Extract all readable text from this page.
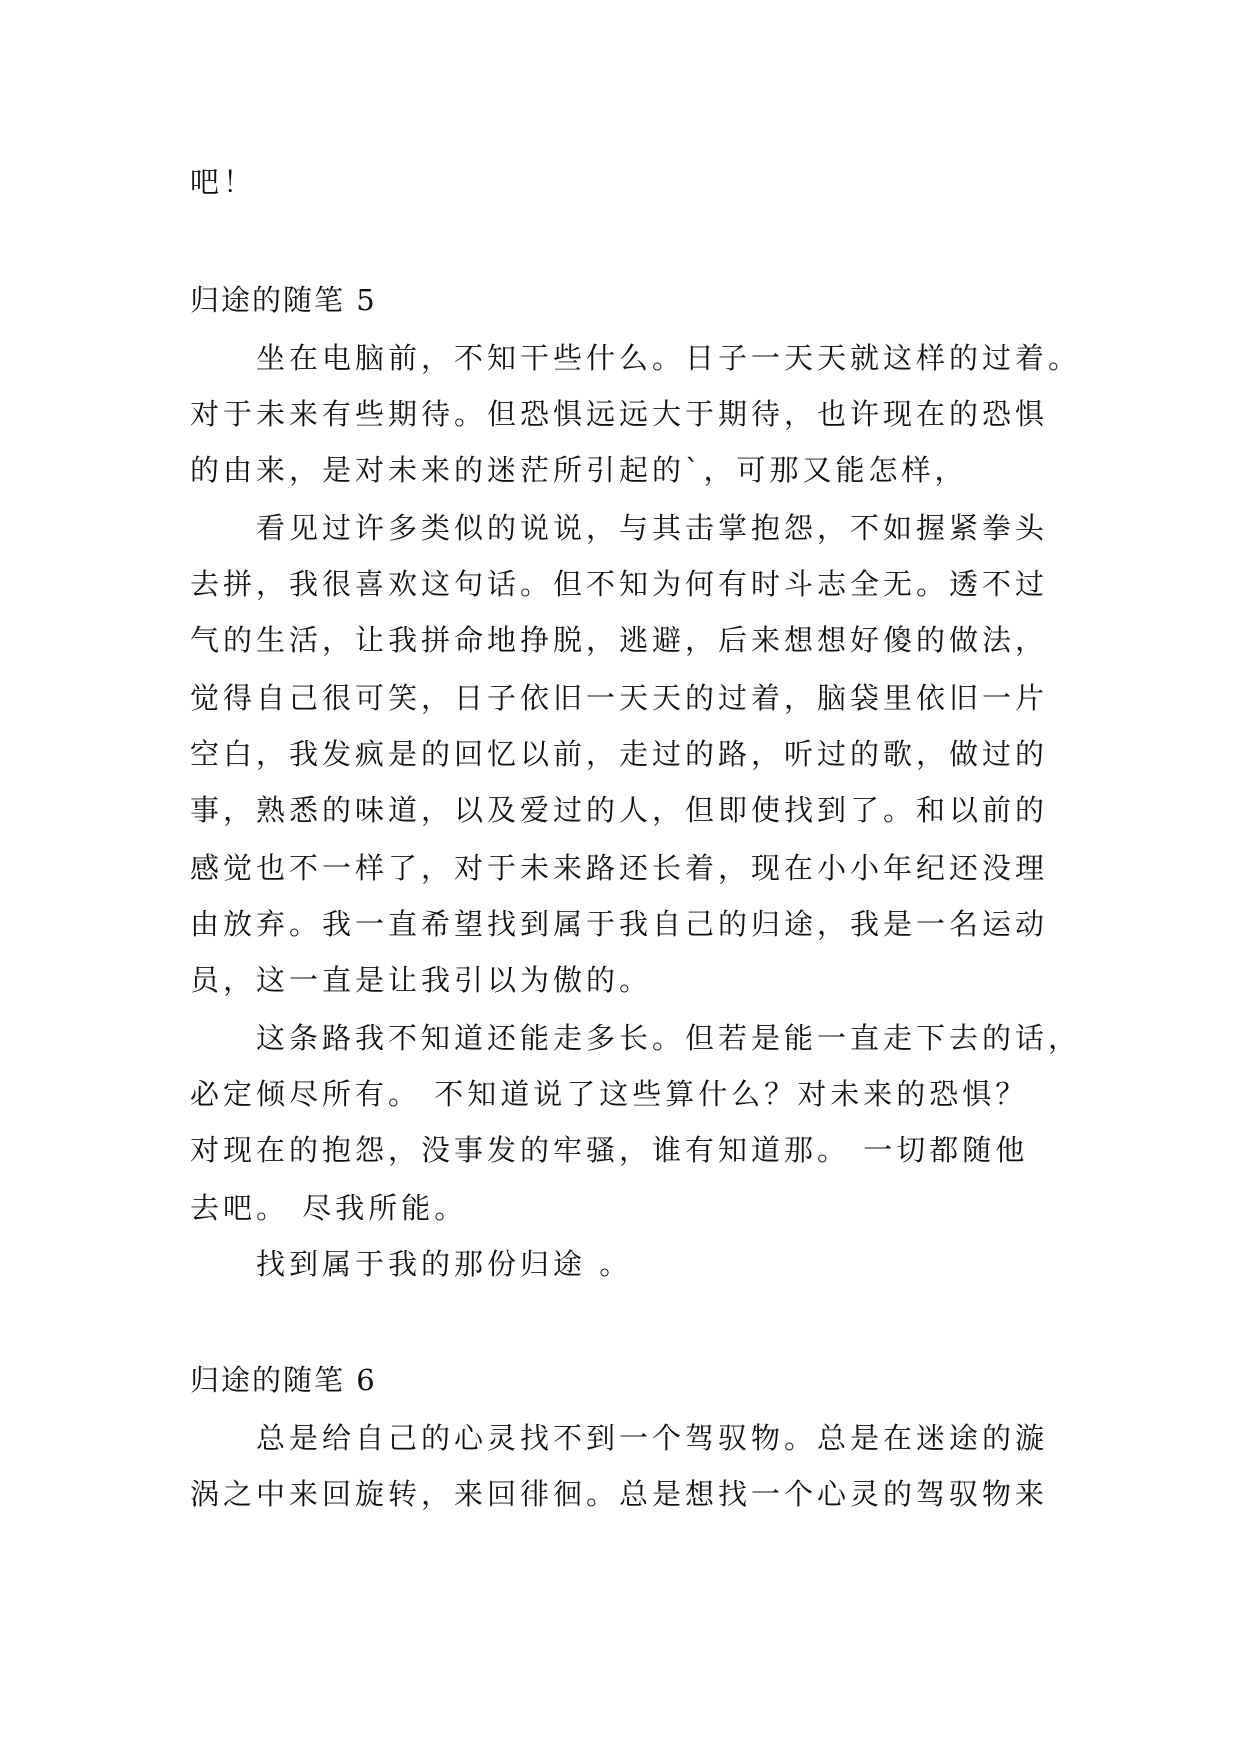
吧！
归途的随笔 5
坐在电脑前，不知干些什么。日子一天天就这样的过着。
对于未来有些期待。但恐惧远远大于期待，也许现在的恐惧
的由来，是对未来的迷茫所引起的`，可那又能怎样，
看见过许多类似的说说，与其击掌抱怨，不如握紧拳头
去拼，我很喜欢这句话。但不知为何有时斗志全无。透不过
气的生活，让我拼命地挣脱，逃避，后来想想好傻的做法，
觉得自己很可笑，日子依旧一天天的过着，脑袋里依旧一片
空白，我发疯是的回忆以前，走过的路，听过的歌，做过的
事，熟悉的味道，以及爱过的人，但即使找到了。和以前的
感觉也不一样了，对于未来路还长着，现在小小年纪还没理
由放弃。我一直希望找到属于我自己的归途，我是一名运动
员，这一直是让我引以为傲的。
这条路我不知道还能走多长。但若是能一直走下去的话，
必定倾尽所有。 不知道说了这些算什么？对未来的恐惧？
对现在的抱怨，没事发的牢骚，谁有知道那。 一切都随他
去吧。 尽我所能。
找到属于我的那份归途 。
归途的随笔 6
总是给自己的心灵找不到一个驾驭物。总是在迷途的漩
涡之中来回旋转，来回徘徊。总是想找一个心灵的驾驭物来
